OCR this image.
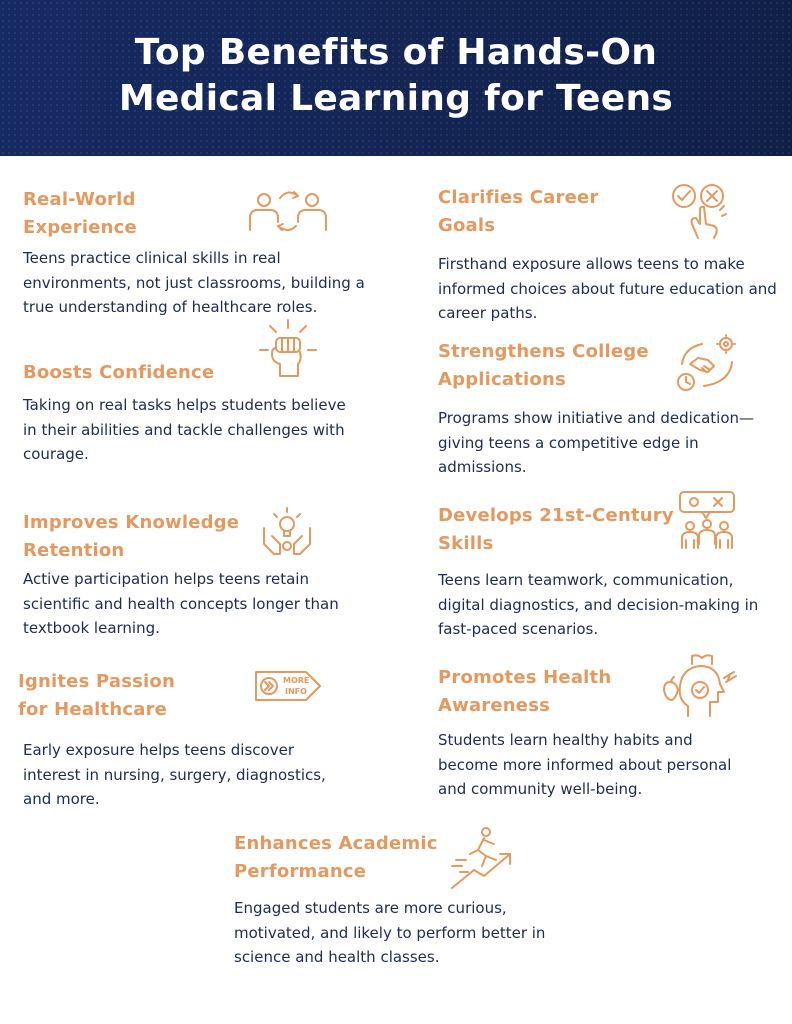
Top Benefits of Hands-On
Medical Learning for Teens
Real-World
Experience

Teens practice clinical skills in real
environments, not just classrooms, building a
true understanding of healthcare roles.

Clarifies Career
Goals

Firsthand exposure allows teens to make
informed choices about future education and
career paths.

Boosts Confidence

Taking on real tasks helps students believe
in their abilities and tackle challenges with
courage.

Strengthens College
Applications

Programs show initiative and dedication—
giving teens a competitive edge in
admissions.

Improves Knowledge
Retention

Active participation helps teens retain
scientific and health concepts longer than
textbook learning.

Develops 21st-Century
Skills

Teens learn teamwork, communication,
digital diagnostics, and decision-making in
fast-paced scenarios.

Ignites Passion
for Healthcare

Early exposure helps teens discover
interest in nursing, surgery, diagnostics,
and more.

MORE
INFO
Promotes Health
Awareness

Students learn healthy habits and
become more informed about personal
and community well-being.

Enhances Academic
Performance

Engaged students are more curious,
motivated, and likely to perform better in
science and health classes.
